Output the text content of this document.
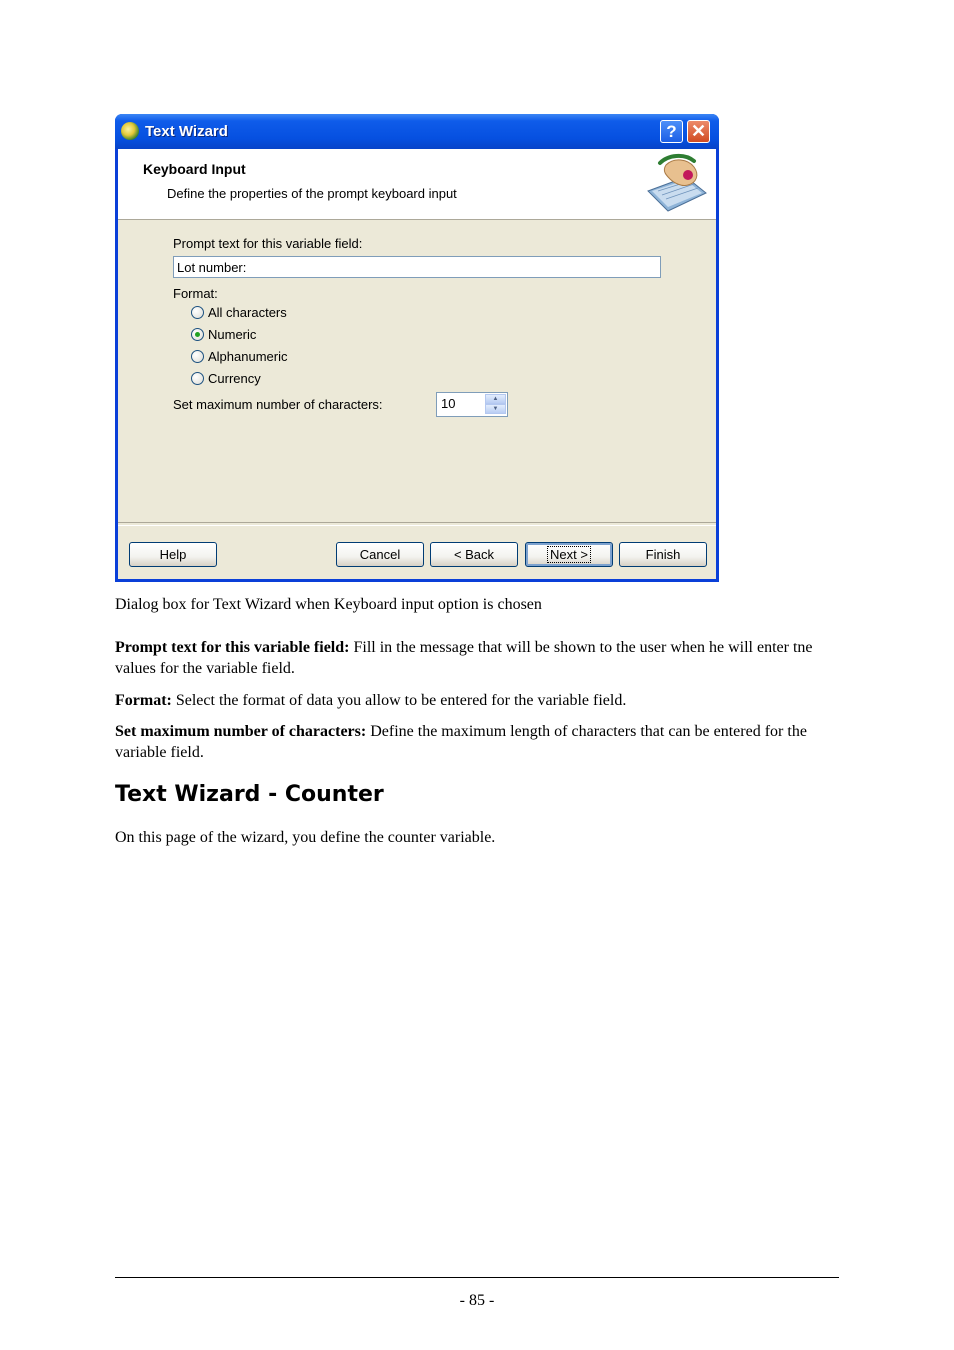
Text Wizard	? ✕
Keyboard Input
Define the properties of the prompt keyboard input
Prompt text for this variable field:
Lot number:
Format:
All characters
Numeric
Alphanumeric
Currency
Set maximum number of characters:	10	▲
▼
Help	Cancel	< Back	Next >	Finish
Dialog box for Text Wizard when Keyboard input option is chosen
Prompt text for this variable field: Fill in the message that will be shown to the user when he will enter tne values for the variable field.
Format: Select the format of data you allow to be entered for the variable field.
Set maximum number of characters: Define the maximum length of characters that can be entered for the variable field.
Text Wizard - Counter
On this page of the wizard, you define the counter variable.
- 85 -
